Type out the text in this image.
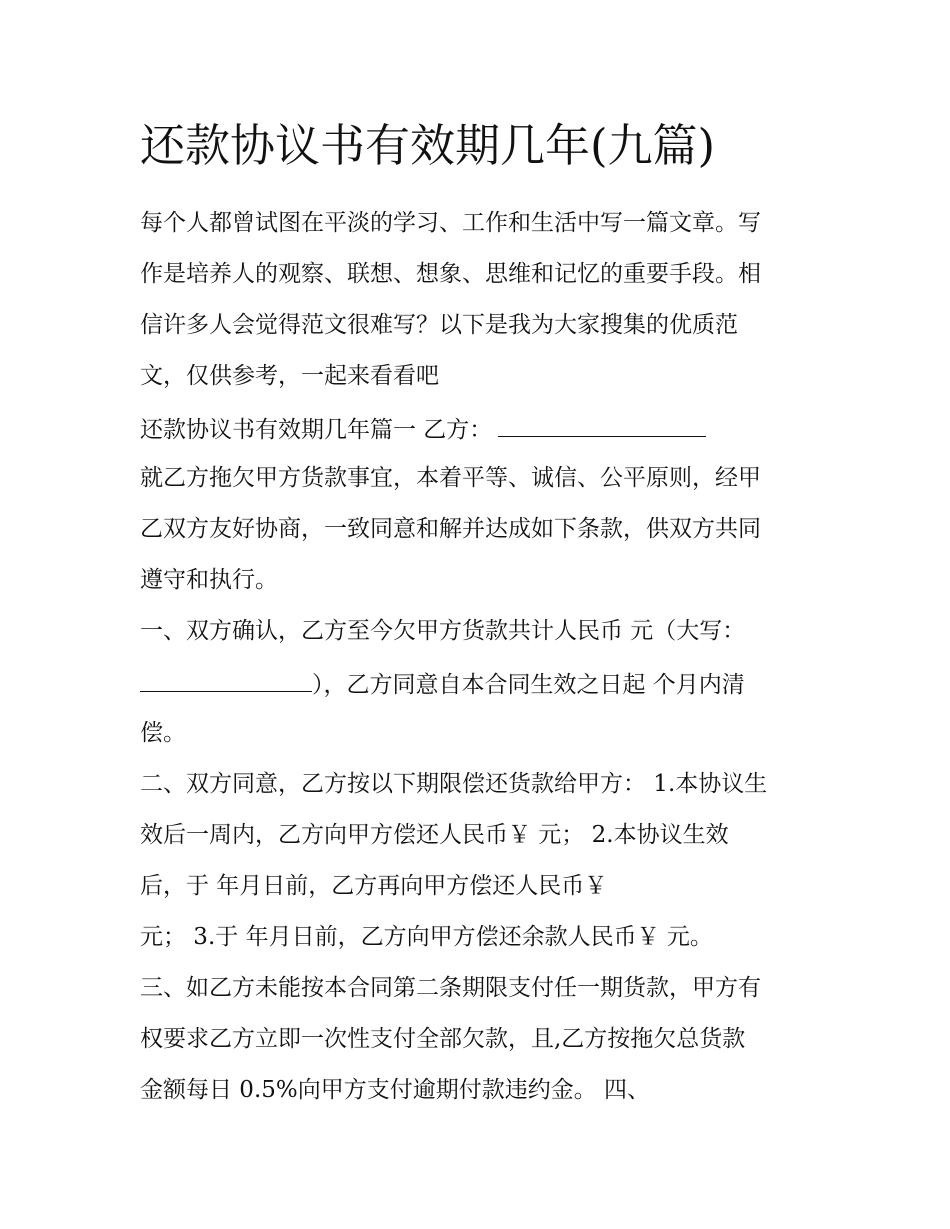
还款协议书有效期几年(九篇)

每个人都曾试图在平淡的学习、工作和生活中写一篇文章。写

作是培养人的观察、联想、想象、思维和记忆的重要手段。相

信许多人会觉得范文很难写？以下是我为大家搜集的优质范

文，仅供参考，一起来看看吧

还款协议书有效期几年篇一 乙方：

就乙方拖欠甲方货款事宜，本着平等、诚信、公平原则，经甲

乙双方友好协商，一致同意和解并达成如下条款，供双方共同

遵守和执行。

一、双方确认，乙方至今欠甲方货款共计人民币 元（大写：

），乙方同意自本合同生效之日起 个月内清

偿。

二、双方同意，乙方按以下期限偿还货款给甲方： 1.本协议生

效后一周内，乙方向甲方偿还人民币￥ 元； 2.本协议生效

后，于 年月日前，乙方再向甲方偿还人民币￥

元； 3.于 年月日前，乙方向甲方偿还余款人民币￥ 元。

三、如乙方未能按本合同第二条期限支付任一期货款，甲方有

权要求乙方立即一次性支付全部欠款，且,乙方按拖欠总货款

金额每日 0.5%向甲方支付逾期付款违约金。 四、
